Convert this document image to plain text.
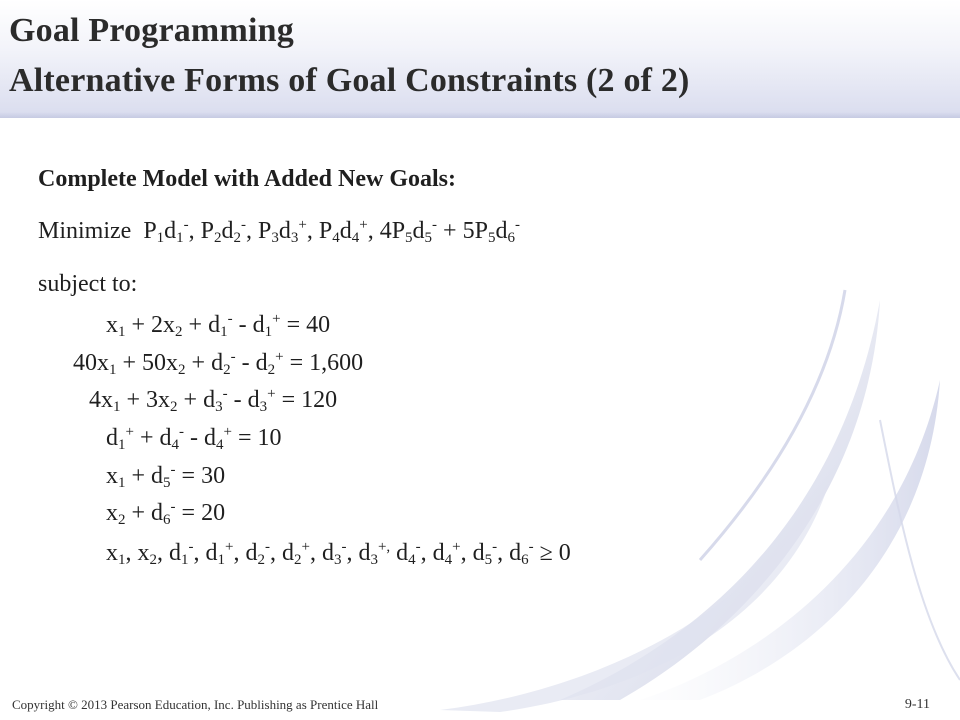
Goal Programming
Alternative Forms of Goal Constraints (2 of 2)
Complete Model with Added New Goals:
Minimize  $P_1d_1^-$, $P_2d_2^-$, $P_3d_3^+$, $P_4d_4^+$, $4P_5d_5^- + 5P_5d_6^-$
subject to:
$x_1 + 2x_2 + d_1^- - d_1^+ = 40$
$40x_1 + 50x_2 + d_2^- - d_2^+ = 1,600$
$4x_1 + 3x_2 + d_3^- - d_3^+ = 120$
$d_1^+ + d_4^- - d_4^+ = 10$
$x_1 + d_5^- = 30$
$x_2 + d_6^- = 20$
$x_1$, $x_2$, $d_1^-$, $d_1^+$, $d_2^-$, $d_2^+$, $d_3^-$, $d_3^{+,}$ $d_4^-$, $d_4^+$, $d_5^-$, $d_6^- \ge 0$
Copyright © 2013 Pearson Education, Inc. Publishing as Prentice Hall	9-11
